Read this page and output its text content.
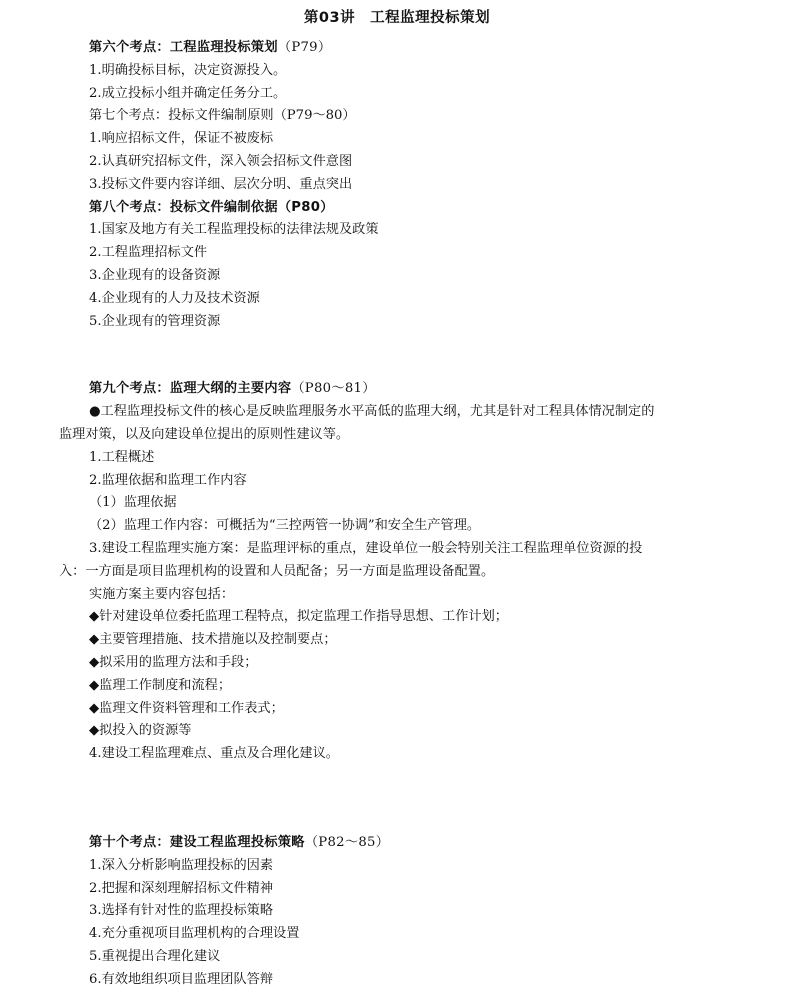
第03讲　工程监理投标策划
第六个考点：工程监理投标策划（P79）
1.明确投标目标，决定资源投入。
2.成立投标小组并确定任务分工。
第七个考点：投标文件编制原则（P79～80）
1.响应招标文件，保证不被废标
2.认真研究招标文件，深入领会招标文件意图
3.投标文件要内容详细、层次分明、重点突出
第八个考点：投标文件编制依据（P80）
1.国家及地方有关工程监理投标的法律法规及政策
2.工程监理招标文件
3.企业现有的设备资源
4.企业现有的人力及技术资源
5.企业现有的管理资源
第九个考点：监理大纲的主要内容（P80～81）
●工程监理投标文件的核心是反映监理服务水平高低的监理大纲，尤其是针对工程具体情况制定的
监理对策，以及向建设单位提出的原则性建议等。
1.工程概述
2.监理依据和监理工作内容
（1）监理依据
（2）监理工作内容：可概括为“三控两管一协调”和安全生产管理。
3.建设工程监理实施方案：是监理评标的重点，建设单位一般会特别关注工程监理单位资源的投
入：一方面是项目监理机构的设置和人员配备；另一方面是监理设备配置。
实施方案主要内容包括：
◆针对建设单位委托监理工程特点，拟定监理工作指导思想、工作计划；
◆主要管理措施、技术措施以及控制要点；
◆拟采用的监理方法和手段；
◆监理工作制度和流程；
◆监理文件资料管理和工作表式；
◆拟投入的资源等
4.建设工程监理难点、重点及合理化建议。
第十个考点：建设工程监理投标策略（P82～85）
1.深入分析影响监理投标的因素
2.把握和深刻理解招标文件精神
3.选择有针对性的监理投标策略
4.充分重视项目监理机构的合理设置
5.重视提出合理化建议
6.有效地组织项目监理团队答辩
